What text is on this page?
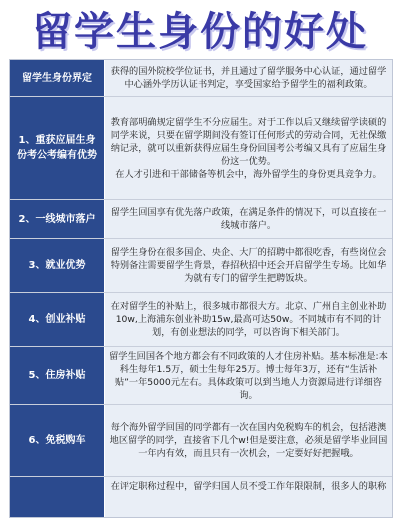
留学生身份的好处
留学生身份界定

获得的国外院校学位证书，并且通过了留学服务中心认证，通过留学中心涵外学历认证书判定，享受国家给予留学生的福利政策。

1、重获应届生身份考公考编有优势

教育部明确规定留学生不分应届生。对于工作以后又继续留学读硕的同学来说，只要在留学期间没有签订任何形式的劳动合同，无社保缴纳记录，就可以重新获得应届生身份回国考公考编又具有了应届生身份这一优势。

在人才引进和干部储备等机会中，海外留学生的身份更具竞争力。

2、一线城市落户

留学生回国享有优先落户政策，在满足条件的情况下，可以直接在一线城市落户。

3、就业优势

留学生身份在很多国企、央企、大厂的招聘中都很吃香，有些岗位会特别备注需要留学生背景，春招秋招中还会开启留学生专场。比如华为就有专门的留学生把聘饭块。

4、创业补贴

在对留学生的补贴上，很多城市都很大方。北京、广州自主创业补助10w,上海浦东创业补助15w,最高可达50w。不同城市有不同的计划，有创业想法的同学，可以咨询下相关部门。

5、住房补贴

留学生回国各个地方都会有不同政策的人才住房补贴。基本标准是:本科生每年1.5万，硕士生每年25万。博士每年3万，还有“生活补贴”一年5000元左右。具体政策可以到当地人力资源局进行详细咨询。

6、免税购车

每个海外留学回国的同学都有一次在国内免税购车的机会，包括港澳地区留学的同学，直接省下几个w!但是要注意，必须是留学毕业回国一年内有效，而且只有一次机会，一定要好好把握哦。

在评定职称过程中，留学归国人员不受工作年限限制，很多人的职称
